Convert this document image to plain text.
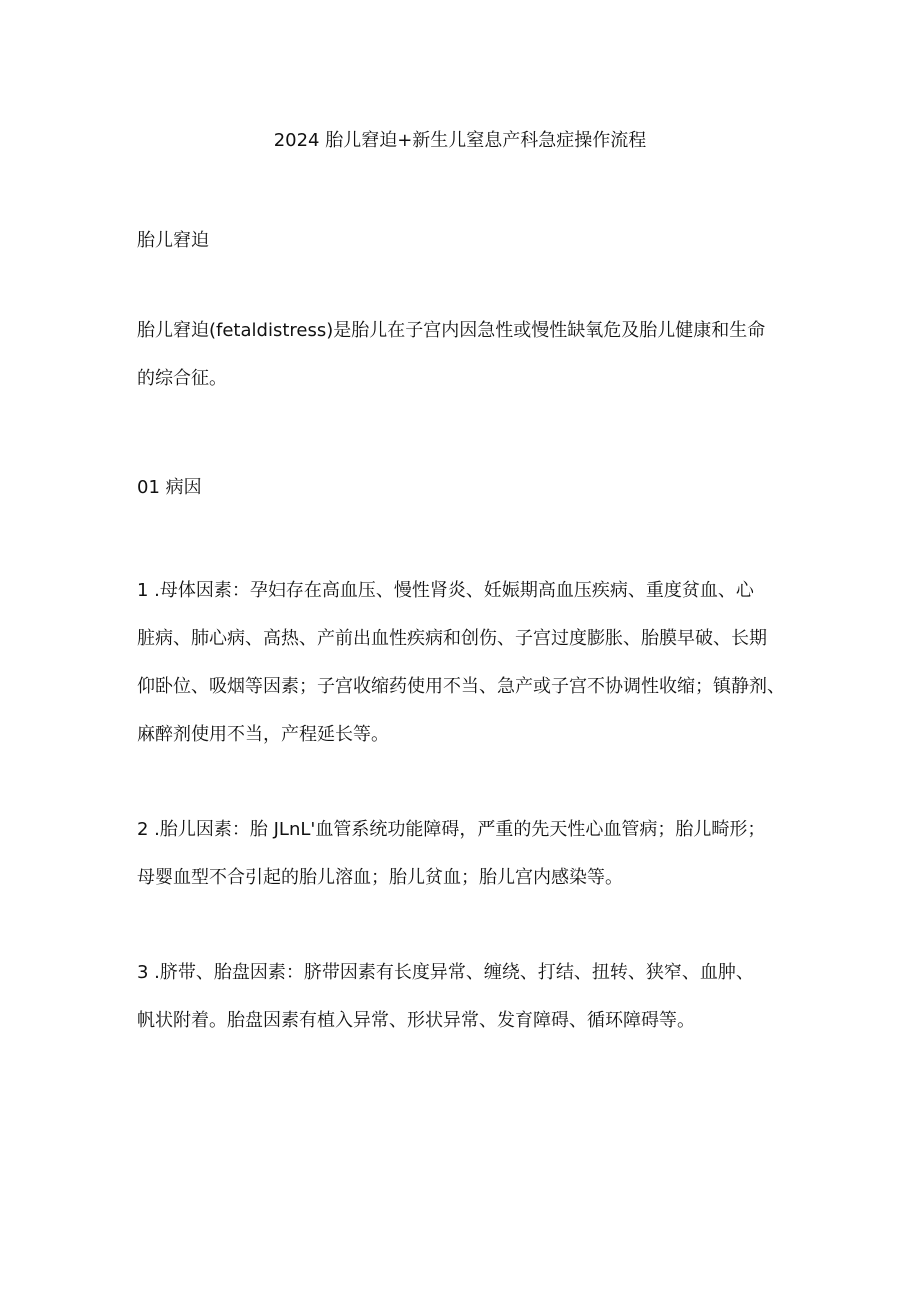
2024 胎儿窘迫+新生儿窒息产科急症操作流程
胎儿窘迫
胎儿窘迫(fetaldistress)是胎儿在子宫内因急性或慢性缺氧危及胎儿健康和生命
的综合征。
01 病因
1 .母体因素：孕妇存在高血压、慢性肾炎、妊娠期高血压疾病、重度贫血、心
脏病、肺心病、高热、产前出血性疾病和创伤、子宫过度膨胀、胎膜早破、长期
仰卧位、吸烟等因素；子宫收缩药使用不当、急产或子宫不协调性收缩；镇静剂、
麻醉剂使用不当，产程延长等。
2 .胎儿因素：胎 JLnL'血管系统功能障碍，严重的先天性心血管病；胎儿畸形；
母婴血型不合引起的胎儿溶血；胎儿贫血；胎儿宫内感染等。
3 .脐带、胎盘因素：脐带因素有长度异常、缠绕、打结、扭转、狭窄、血肿、
帆状附着。胎盘因素有植入异常、形状异常、发育障碍、循环障碍等。
